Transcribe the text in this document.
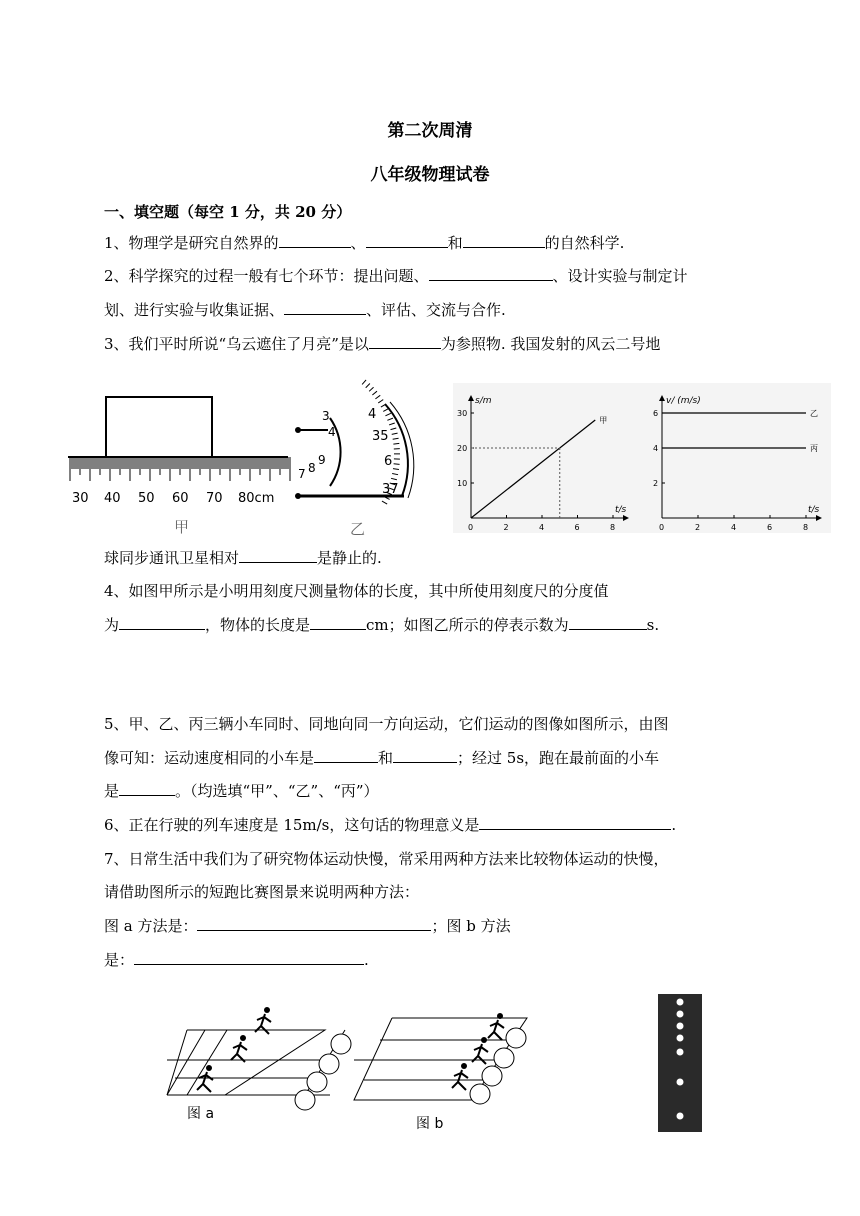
第二次周清
八年级物理试卷
一、填空题（每空 1 分，共 20 分）
1、物理学是研究自然界的	、	和	的自然科学.
2、科学探究的过程一般有七个环节：提出问题、	、设计实验与制定计
划、进行实验与收集证据、	、评估、交流与合作.
3、我们平时所说“乌云遮住了月亮”是以	为参照物. 我国发射的风云二号地
30 40 50 60 70 80cm
甲
4
35
6
37
3
4
7 8
9
乙	0	2	4	6	8
10
20
30
t/s
s/m
甲
0	2	4	6	8
2
4
6
t/s
v/ (m/s)
乙
丙
球同步通讯卫星相对	是静止的.
4、如图甲所示是小明用刻度尺测量物体的长度，其中所使用刻度尺的分度值
为	，物体的长度是	cm；如图乙所示的停表示数为	s.
5、甲、乙、丙三辆小车同时、同地向同一方向运动，它们运动的图像如图所示，由图
像可知：运动速度相同的小车是	和	；经过 5s，跑在最前面的小车
是	。（均选填“甲”、“乙”、“丙”）
6、正在行驶的列车速度是 15m/s，这句话的物理意义是	.
7、日常生活中我们为了研究物体运动快慢，常采用两种方法来比较物体运动的快慢，
请借助图所示的短跑比赛图景来说明两种方法：
图 a 方法是：	；图 b 方法
是：	.
图 a
图 b
